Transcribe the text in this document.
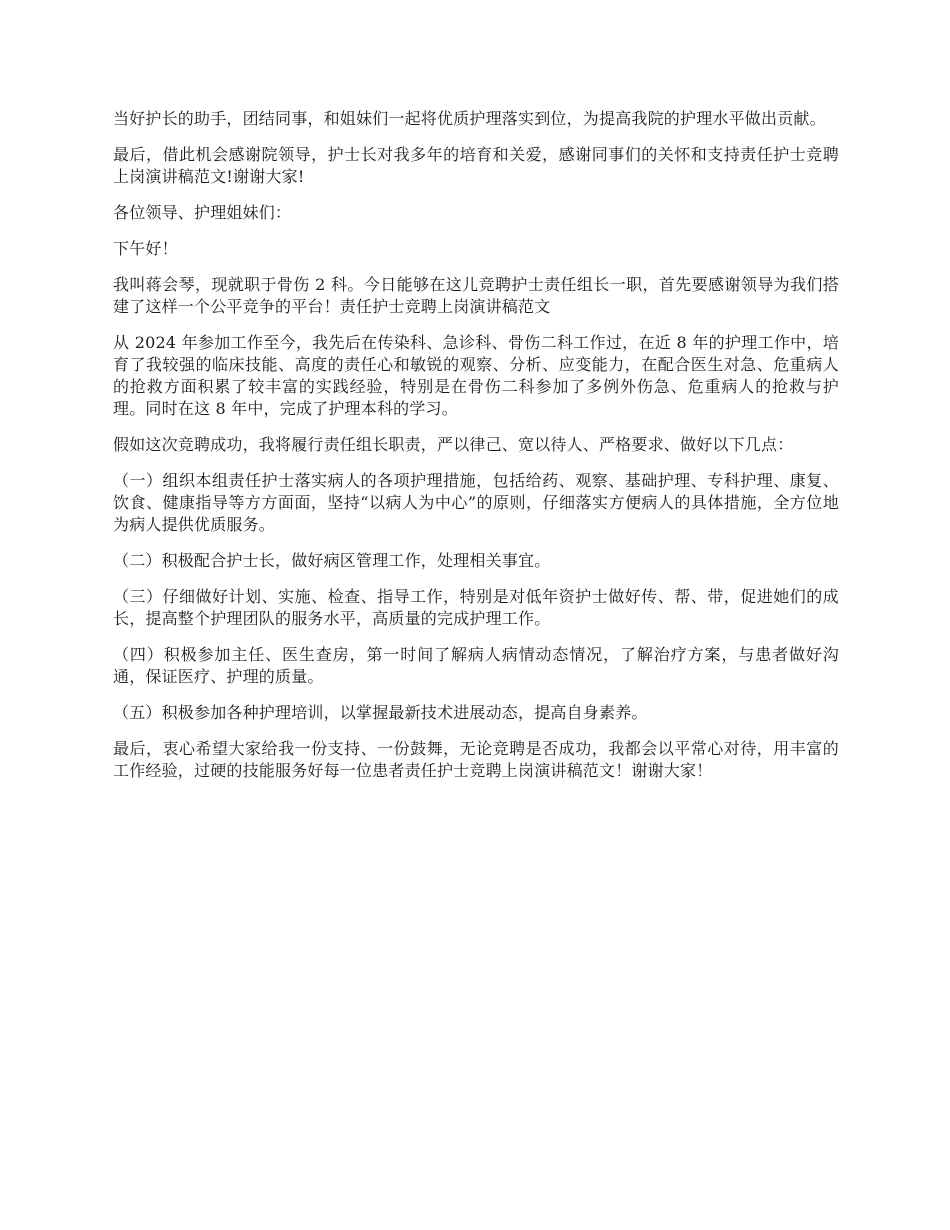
当好护长的助手，团结同事，和姐妹们一起将优质护理落实到位，为提高我院的护理水平做出贡献。

最后，借此机会感谢院领导，护士长对我多年的培育和关爱，感谢同事们的关怀和支持责任护士竞聘上岗演讲稿范文!谢谢大家!

各位领导、护理姐妹们：

下午好！

我叫蒋会琴，现就职于骨伤 2 科。今日能够在这儿竞聘护士责任组长一职，首先要感谢领导为我们搭建了这样一个公平竞争的平台！责任护士竞聘上岗演讲稿范文

从 2024 年参加工作至今，我先后在传染科、急诊科、骨伤二科工作过，在近 8 年的护理工作中，培育了我较强的临床技能、高度的责任心和敏锐的观察、分析、应变能力，在配合医生对急、危重病人的抢救方面积累了较丰富的实践经验，特别是在骨伤二科参加了多例外伤急、危重病人的抢救与护理。同时在这 8 年中，完成了护理本科的学习。

假如这次竞聘成功，我将履行责任组长职责，严以律己、宽以待人、严格要求、做好以下几点：

（一）组织本组责任护士落实病人的各项护理措施，包括给药、观察、基础护理、专科护理、康复、饮食、健康指导等方方面面，坚持“以病人为中心”的原则，仔细落实方便病人的具体措施，全方位地为病人提供优质服务。

（二）积极配合护士长，做好病区管理工作，处理相关事宜。

（三）仔细做好计划、实施、检查、指导工作，特别是对低年资护士做好传、帮、带，促进她们的成长，提高整个护理团队的服务水平，高质量的完成护理工作。

（四）积极参加主任、医生查房，第一时间了解病人病情动态情况，了解治疗方案，与患者做好沟通，保证医疗、护理的质量。

（五）积极参加各种护理培训，以掌握最新技术进展动态，提高自身素养。

最后，衷心希望大家给我一份支持、一份鼓舞，无论竞聘是否成功，我都会以平常心对待，用丰富的工作经验，过硬的技能服务好每一位患者责任护士竞聘上岗演讲稿范文！谢谢大家！
